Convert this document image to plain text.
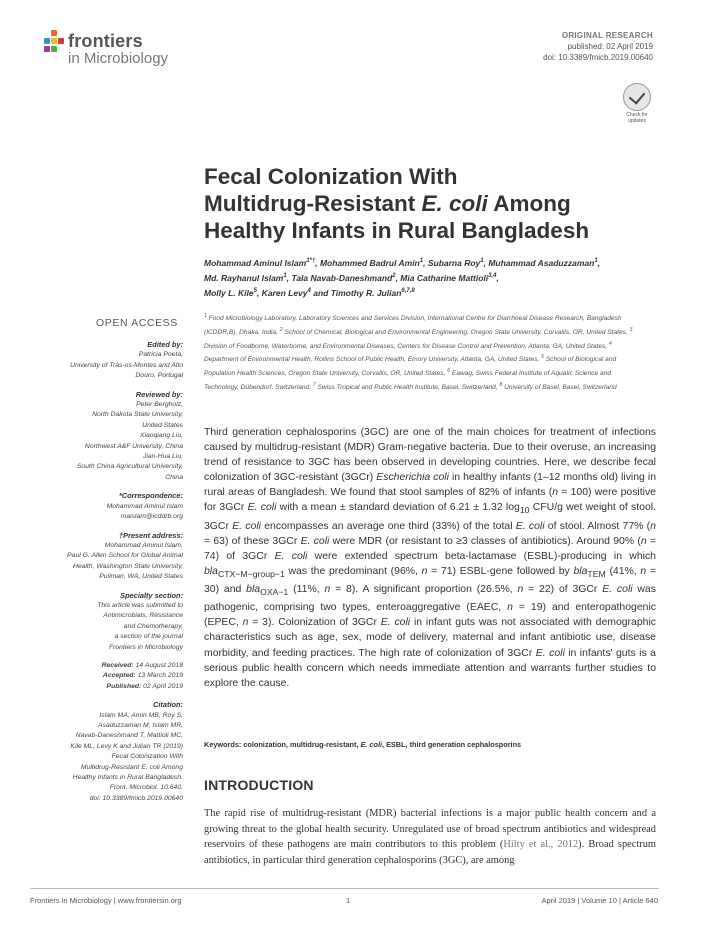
frontiers
in Microbiology
ORIGINAL RESEARCH
published: 02 April 2019
doi: 10.3389/fmicb.2019.00640
Check for
updates
Fecal Colonization With
Multidrug-Resistant E. coli Among
Healthy Infants in Rural Bangladesh
Mohammad Aminul Islam$^{1*\dagger}$, Mohammed Badrul Amin$^1$, Subarna Roy$^1$, Muhammad Asaduzzaman$^1$,
Md. Rayhanul Islam$^1$, Tala Navab-Daneshmand$^2$, Mia Catharine Mattioli$^{3,4}$,
Molly L. Kile$^5$, Karen Levy$^4$ and Timothy R. Julian$^{6,7,8}$
$^1$ Food Microbiology Laboratory, Laboratory Sciences and Services Division, International Centre for Diarrhoeal Disease Research, Bangladesh (ICDDR,B), Dhaka, India, $^2$ School of Chemical, Biological and Environmental Engineering, Oregon State University, Corvallis, OR, United States, $^3$ Division of Foodborne, Waterborne, and Environmental Diseases, Centers for Disease Control and Prevention, Atlanta, GA, United States, $^4$ Department of Environmental Health, Rollins School of Public Health, Emory University, Atlanta, GA, United States, $^5$ School of Biological and Population Health Sciences, Oregon State University, Corvallis, OR, United States, $^6$ Eawag, Swiss Federal Institute of Aquatic Science and Technology, Dübendorf, Switzerland, $^7$ Swiss Tropical and Public Health Institute, Basel, Switzerland, $^8$ University of Basel, Basel, Switzerland
OPEN ACCESS
Edited by:
Patricia Poeta,
University of Trás-os-Montes and Alto
Douro, Portugal
Reviewed by:
Peter Bergholz,
North Dakota State University,
United States
Xiaoqiang Liu,
Northwest A&F University, China
Jian-Hua Liu,
South China Agricultural University,
China
*Correspondence:
Mohammad Aminul Islam
maislam@icddrb.org
†Present address:
Mohammad Aminul Islam,
Paul G. Allen School for Global Animal
Health, Washington State University,
Pullman, WA, United States
Specialty section:
This article was submitted to
Antimicrobials, Resistance
and Chemotherapy,
a section of the journal
Frontiers in Microbiology
Received: 14 August 2018
Accepted: 13 March 2019
Published: 02 April 2019
Citation:
Islam MA, Amin MB, Roy S,
Asaduzzaman M, Islam MR,
Navab-Daneshmand T, Mattioli MC,
Kile ML, Levy K and Julian TR (2019)
Fecal Colonization With
Multidrug-Resistant E. coli Among
Healthy Infants in Rural Bangladesh.
Front. Microbiol. 10:640.
doi: 10.3389/fmicb.2019.00640
Third generation cephalosporins (3GC) are one of the main choices for treatment of infections caused by multidrug-resistant (MDR) Gram-negative bacteria. Due to their overuse, an increasing trend of resistance to 3GC has been observed in developing countries. Here, we describe fecal colonization of 3GC-resistant (3GCr) Escherichia coli in healthy infants (1–12 months old) living in rural areas of Bangladesh. We found that stool samples of 82% of infants (n = 100) were positive for 3GCr E. coli with a mean ± standard deviation of 6.21 ± 1.32 $\log_{10} CFU/g$ wet weight of stool. 3GCr E. coli encompasses an average one third (33%) of the total E. coli of stool. Almost 77% (n = 63) of these 3GCr E. coli were MDR (or resistant to ≥3 classes of antibiotics). Around 90% (n = 74) of 3GCr E. coli were extended spectrum beta-lactamase (ESBL)-producing in which bla$_{CTX-M-group-1}$ was the predominant (96%, n = 71) ESBL-gene followed by bla$_{TEM}$ (41%, n = 30) and bla$_{OXA-1}$ (11%, n = 8). A significant proportion (26.5%, n = 22) of 3GCr E. coli was pathogenic, comprising two types, enteroaggregative (EAEC, n = 19) and enteropathogenic (EPEC, n = 3). Colonization of 3GCr E. coli in infant guts was not associated with demographic characteristics such as age, sex, mode of delivery, maternal and infant antibiotic use, disease morbidity, and feeding practices. The high rate of colonization of 3GCr E. coli in infants' guts is a serious public health concern which needs immediate attention and warrants further studies to explore the cause.
Keywords: colonization, multidrug-resistant, E. coli, ESBL, third generation cephalosporins
INTRODUCTION
The rapid rise of multidrug-resistant (MDR) bacterial infections is a major public health concern and a growing threat to the global health security. Unregulated use of broad spectrum antibiotics and widespread reservoirs of these pathogens are main contributors to this problem (Hilty et al., 2012). Broad spectrum antibiotics, in particular third generation cephalosporins (3GC), are among
Frontiers in Microbiology | www.frontiersin.org	1	April 2019 | Volume 10 | Article 640
